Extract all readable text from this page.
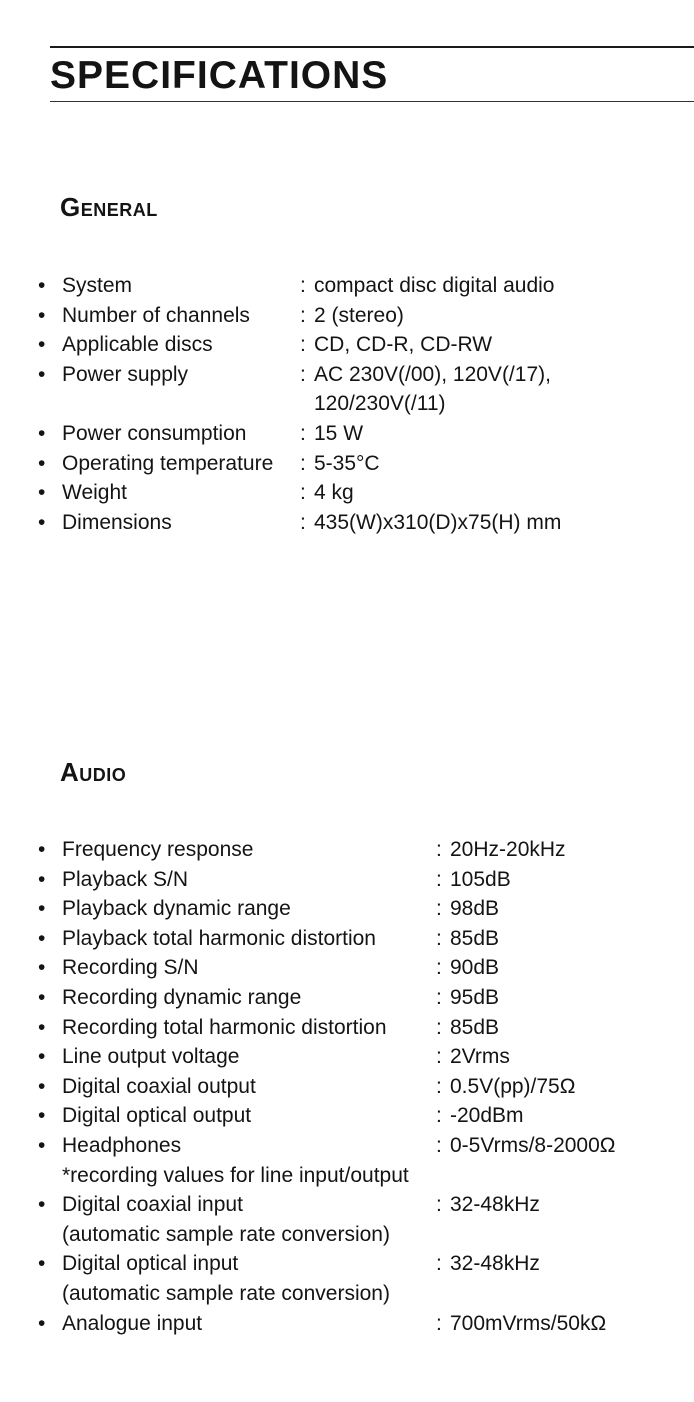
SPECIFICATIONS
General
• System	: compact disc digital audio
• Number of channels : 2 (stereo)
• Applicable discs	: CD, CD-R, CD-RW
• Power supply	: AC 230V(/00), 120V(/17),
120/230V(/11)
• Power consumption	: 15 W
• Operating temperature : 5-35°C
• Weight	: 4 kg
• Dimensions	: 435(W)x310(D)x75(H) mm
Audio
• Frequency response	: 20Hz-20kHz
• Playback S/N	: 105dB
• Playback dynamic range	: 98dB
• Playback total harmonic distortion	: 85dB
• Recording S/N	: 90dB
• Recording dynamic range	: 95dB
• Recording total harmonic distortion : 85dB
• Line output voltage	: 2Vrms
• Digital coaxial output	: 0.5V(pp)/75Ω
• Digital optical output	: -20dBm
• Headphones	: 0-5Vrms/8-2000Ω
*recording values for line input/output
• Digital coaxial input	: 32-48kHz
(automatic sample rate conversion)
• Digital optical input	: 32-48kHz
(automatic sample rate conversion)
• Analogue input	: 700mVrms/50kΩ
